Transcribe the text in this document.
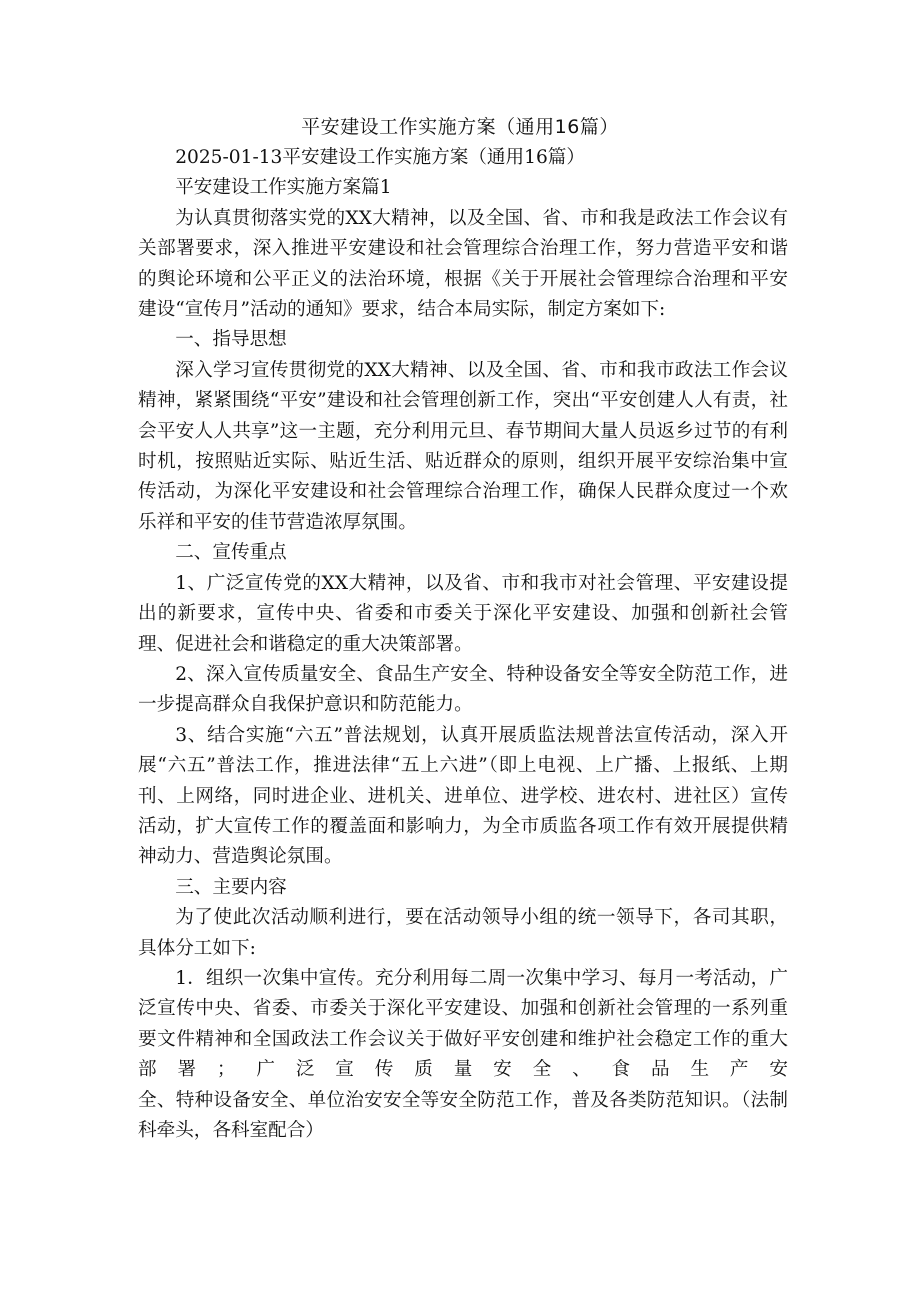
平安建设工作实施方案（通用16篇）

2025-01-13平安建设工作实施方案（通用16篇）

平安建设工作实施方案篇1

为认真贯彻落实党的XX大精神，以及全国、省、市和我是政法工作会议有关部署要求，深入推进平安建设和社会管理综合治理工作，努力营造平安和谐的舆论环境和公平正义的法治环境，根据《关于开展社会管理综合治理和平安建设“宣传月”活动的通知》要求，结合本局实际，制定方案如下:

一、指导思想

深入学习宣传贯彻党的XX大精神、以及全国、省、市和我市政法工作会议精神，紧紧围绕“平安”建设和社会管理创新工作，突出“平安创建人人有责，社会平安人人共享”这一主题，充分利用元旦、春节期间大量人员返乡过节的有利时机，按照贴近实际、贴近生活、贴近群众的原则，组织开展平安综治集中宣传活动，为深化平安建设和社会管理综合治理工作，确保人民群众度过一个欢乐祥和平安的佳节营造浓厚氛围。

二、宣传重点

1、广泛宣传党的XX大精神，以及省、市和我市对社会管理、平安建设提出的新要求，宣传中央、省委和市委关于深化平安建设、加强和创新社会管理、促进社会和谐稳定的重大决策部署。

2、深入宣传质量安全、食品生产安全、特种设备安全等安全防范工作，进一步提高群众自我保护意识和防范能力。

3、结合实施“六五”普法规划，认真开展质监法规普法宣传活动，深入开展“六五”普法工作，推进法律“五上六进”（即上电视、上广播、上报纸、上期刊、上网络，同时进企业、进机关、进单位、进学校、进农村、进社区）宣传活动，扩大宣传工作的覆盖面和影响力，为全市质监各项工作有效开展提供精神动力、营造舆论氛围。

三、主要内容

为了使此次活动顺利进行，要在活动领导小组的统一领导下，各司其职，具体分工如下:

1．组织一次集中宣传。充分利用每二周一次集中学习、每月一考活动，广泛宣传中央、省委、市委关于深化平安建设、加强和创新社会管理的一系列重要文件精神和全国政法工作会议关于做好平安创建和维护社会稳定工作的重大部署；广泛宣传质量安全、食品生产安

全、特种设备安全、单位治安安全等安全防范工作，普及各类防范知识。（法制科牵头，各科室配合）
